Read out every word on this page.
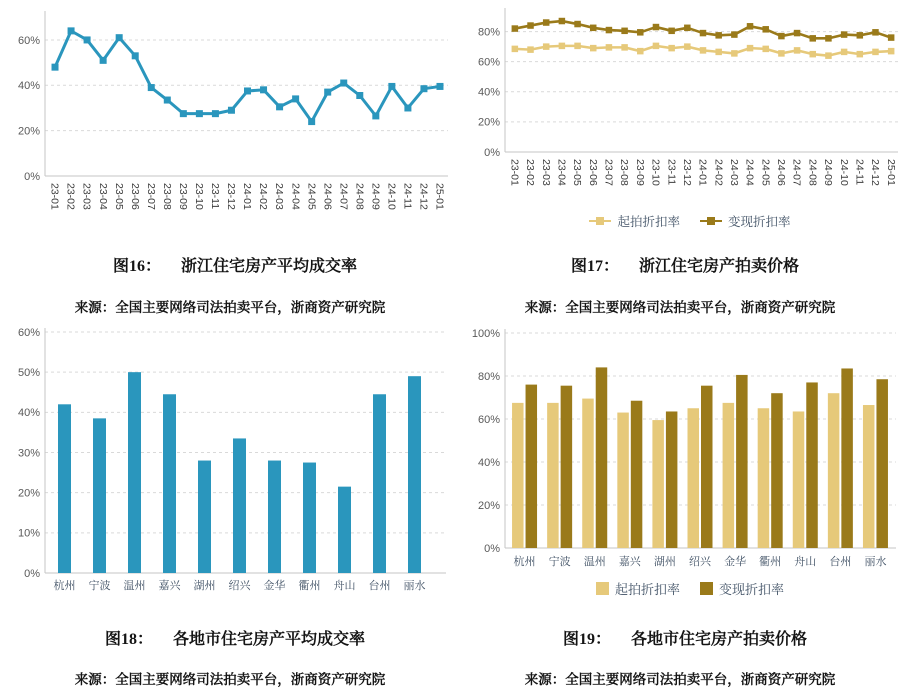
0%
20%
40%
60%
23-01 23-02 23-03 23-04 23-05 23-06 23-07 23-08 23-09 23-10 23-11 23-12 24-01 24-02 24-03 24-04 24-05 24-06 24-07 24-08 24-09 24-10 24-11 24-12 25-01
图16： 浙江住宅房产平均成交率
来源：全国主要网络司法拍卖平台，浙商资产研究院
0%
20%
40%
60%
80%
23-01 23-02 23-03 23-04 23-05 23-06 23-07 23-08 23-09 23-10 23-11 23-12 24-01 24-02 24-03 24-04 24-05 24-06 24-07 24-08 24-09 24-10 24-11 24-12 25-01
起拍折扣率	变现折扣率
图17： 浙江住宅房产拍卖价格
来源：全国主要网络司法拍卖平台，浙商资产研究院
0%
10%
20%
30%
40%
50%
60%
杭州 宁波 温州 嘉兴 湖州 绍兴 金华 衢州 舟山 台州 丽水
图18： 各地市住宅房产平均成交率
来源：全国主要网络司法拍卖平台，浙商资产研究院
0%
20%
40%
60%
80%
100%
杭州 宁波 温州 嘉兴 湖州 绍兴 金华 衢州 舟山 台州 丽水
起拍折扣率	变现折扣率
图19： 各地市住宅房产拍卖价格
来源：全国主要网络司法拍卖平台，浙商资产研究院
